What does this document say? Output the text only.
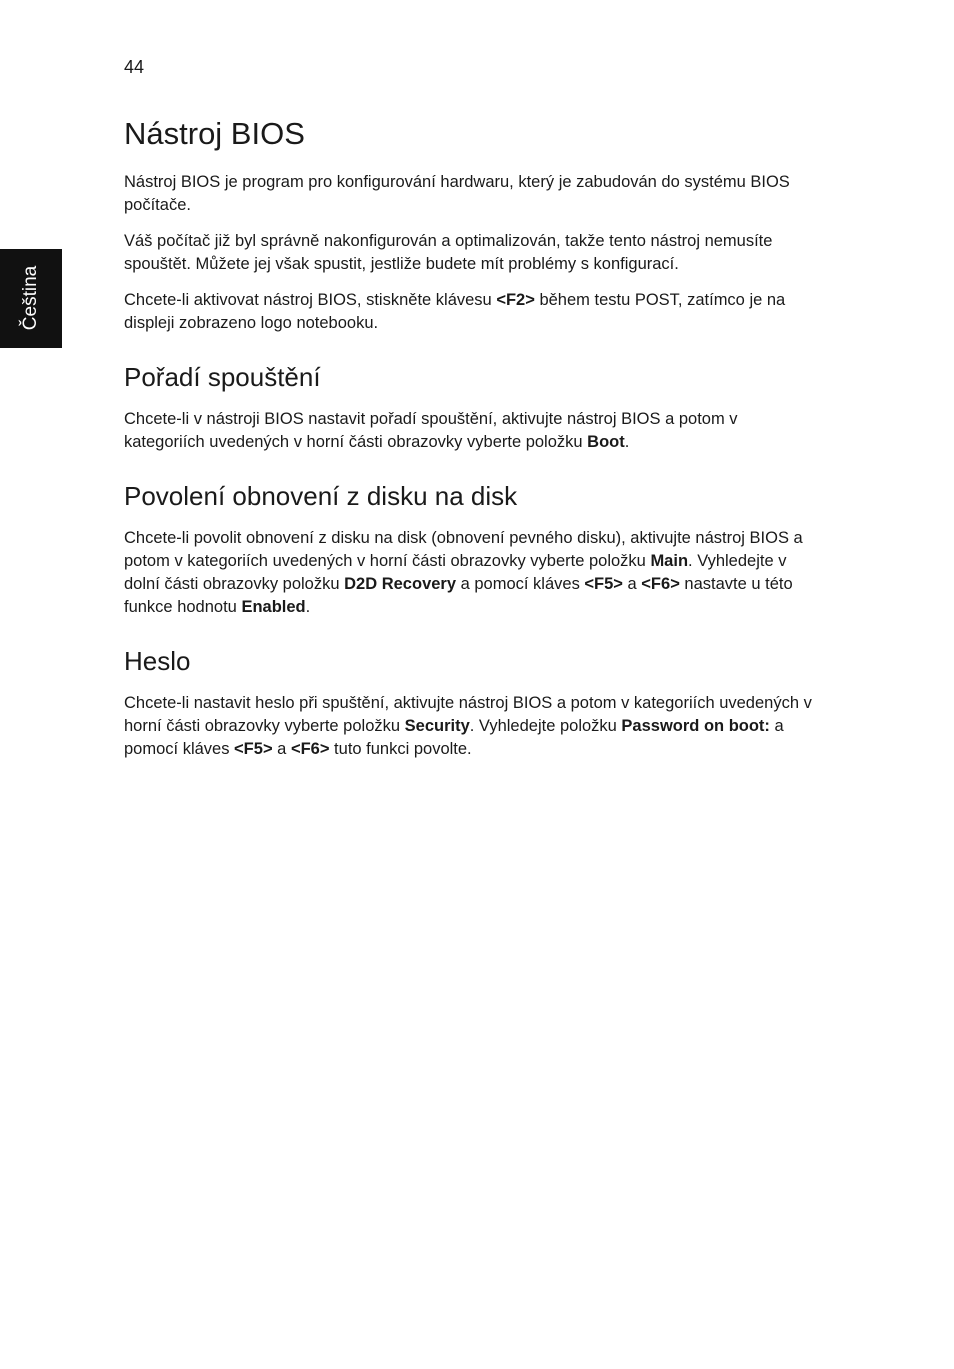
44
Čeština
Nástroj BIOS

Nástroj BIOS je program pro konfigurování hardwaru, který je zabudován do systému BIOS počítače.

Váš počítač již byl správně nakonfigurován a optimalizován, takže tento nástroj nemusíte spouštět. Můžete jej však spustit, jestliže budete mít problémy s konfigurací.

Chcete-li aktivovat nástroj BIOS, stiskněte klávesu <F2> během testu POST, zatímco je na displeji zobrazeno logo notebooku.

Pořadí spouštění

Chcete-li v nástroji BIOS nastavit pořadí spouštění, aktivujte nástroj BIOS a potom v kategoriích uvedených v horní části obrazovky vyberte položku Boot.

Povolení obnovení z disku na disk

Chcete-li povolit obnovení z disku na disk (obnovení pevného disku), aktivujte nástroj BIOS a potom v kategoriích uvedených v horní části obrazovky vyberte položku Main. Vyhledejte v dolní části obrazovky položku D2D Recovery a pomocí kláves <F5> a <F6> nastavte u této funkce hodnotu Enabled.

Heslo

Chcete-li nastavit heslo při spuštění, aktivujte nástroj BIOS a potom v kategoriích uvedených v horní části obrazovky vyberte položku Security. Vyhledejte položku Password on boot: a pomocí kláves <F5> a <F6> tuto funkci povolte.
